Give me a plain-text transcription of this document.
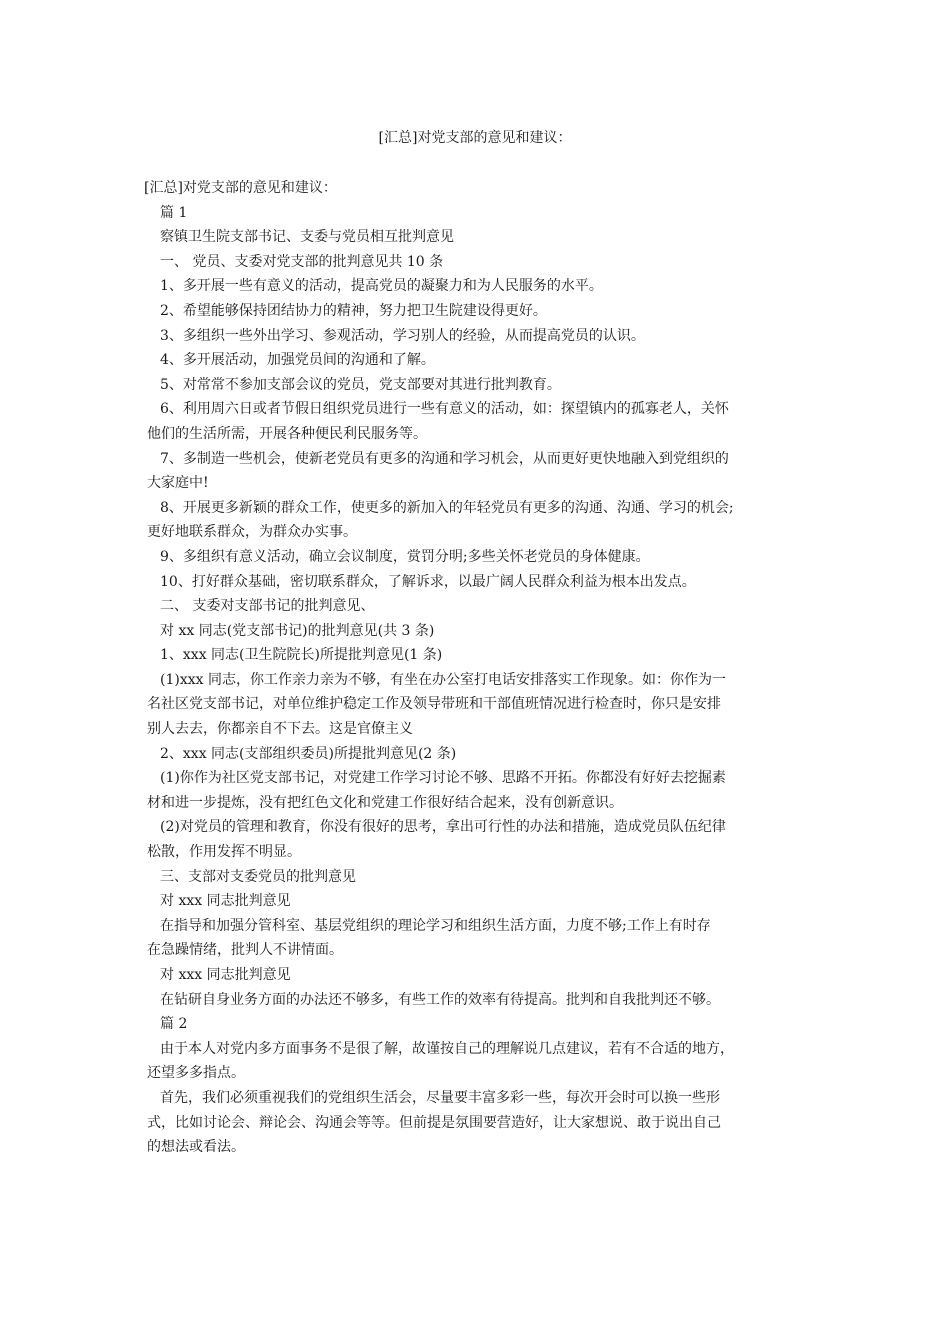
[汇总]对党支部的意见和建议：
[汇总]对党支部的意见和建议：
篇 1
察镇卫生院支部书记、支委与党员相互批判意见
一、 党员、支委对党支部的批判意见共 10 条
1、多开展一些有意义的活动，提高党员的凝聚力和为人民服务的水平。
2、希望能够保持团结协力的精神，努力把卫生院建设得更好。
3、多组织一些外出学习、参观活动，学习别人的经验，从而提高党员的认识。
4、多开展活动，加强党员间的沟通和了解。
5、对常常不参加支部会议的党员，党支部要对其进行批判教育。
6、利用周六日或者节假日组织党员进行一些有意义的活动，如：探望镇内的孤寡老人，关怀
他们的生活所需，开展各种便民利民服务等。
7、多制造一些机会，使新老党员有更多的沟通和学习机会，从而更好更快地融入到党组织的
大家庭中!
8、开展更多新颖的群众工作，使更多的新加入的年轻党员有更多的沟通、沟通、学习的机会;
更好地联系群众，为群众办实事。
9、多组织有意义活动，确立会议制度，赏罚分明;多些关怀老党员的身体健康。
10、打好群众基础，密切联系群众，了解诉求，以最广阔人民群众利益为根本出发点。
二、 支委对支部书记的批判意见、
对 xx 同志(党支部书记)的批判意见(共 3 条)
1、xxx 同志(卫生院院长)所提批判意见(1 条)
(1)xxx 同志，你工作亲力亲为不够，有坐在办公室打电话安排落实工作现象。如：你作为一
名社区党支部书记，对单位维护稳定工作及领导带班和干部值班情况进行检查时，你只是安排
别人去去，你都亲自不下去。这是官僚主义
2、xxx 同志(支部组织委员)所提批判意见(2 条)
(1)你作为社区党支部书记，对党建工作学习讨论不够、思路不开拓。你都没有好好去挖掘素
材和进一步提炼，没有把红色文化和党建工作很好结合起来，没有创新意识。
(2)对党员的管理和教育，你没有很好的思考，拿出可行性的办法和措施，造成党员队伍纪律
松散，作用发挥不明显。
三、支部对支委党员的批判意见
对 xxx 同志批判意见
在指导和加强分管科室、基层党组织的理论学习和组织生活方面，力度不够;工作上有时存
在急躁情绪，批判人不讲情面。
对 xxx 同志批判意见
在钻研自身业务方面的办法还不够多，有些工作的效率有待提高。批判和自我批判还不够。
篇 2
由于本人对党内多方面事务不是很了解，故谨按自己的理解说几点建议，若有不合适的地方，
还望多多指点。
首先，我们必须重视我们的党组织生活会，尽量要丰富多彩一些，每次开会时可以换一些形
式，比如讨论会、辩论会、沟通会等等。但前提是氛围要营造好，让大家想说、敢于说出自己
的想法或看法。
